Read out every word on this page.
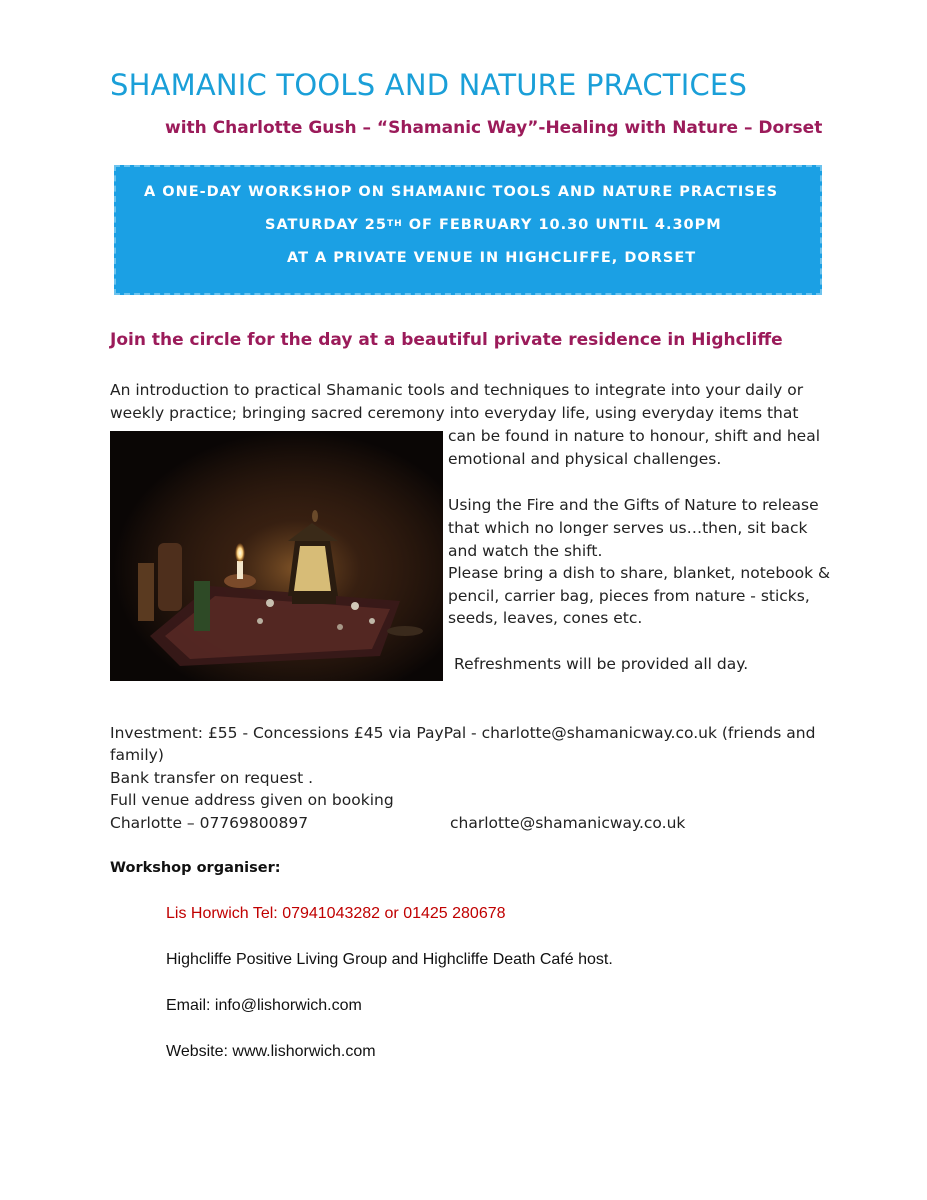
SHAMANIC TOOLS AND NATURE PRACTICES
with Charlotte Gush – “Shamanic Way”-Healing with Nature – Dorset
A ONE-DAY WORKSHOP ON SHAMANIC TOOLS AND NATURE PRACTISES
SATURDAY 25TH OF FEBRUARY 10.30 UNTIL 4.30PM
AT A PRIVATE VENUE IN HIGHCLIFFE, DORSET
Join the circle for the day at a beautiful private residence in Highcliffe
An introduction to practical Shamanic tools and techniques to integrate into your daily or
weekly practice; bringing sacred ceremony into everyday life, using everyday items that
can be found in nature to honour, shift and heal
emotional and physical challenges.
Using the Fire and the Gifts of Nature to release
that which no longer serves us…then, sit back
and watch the shift.
Please bring a dish to share, blanket, notebook &
pencil, carrier bag, pieces from nature - sticks,
seeds, leaves, cones etc.
Refreshments will be provided all day.
Investment: £55 - Concessions £45 via PayPal - charlotte@shamanicway.co.uk (friends and
family)
Bank transfer on request .
Full venue address given on booking
Charlotte – 07769800897	charlotte@shamanicway.co.uk
Workshop organiser:
Lis Horwich Tel: 07941043282 or 01425 280678
Highcliffe Positive Living Group and Highcliffe Death Café host.
Email: info@lishorwich.com
Website: www.lishorwich.com
